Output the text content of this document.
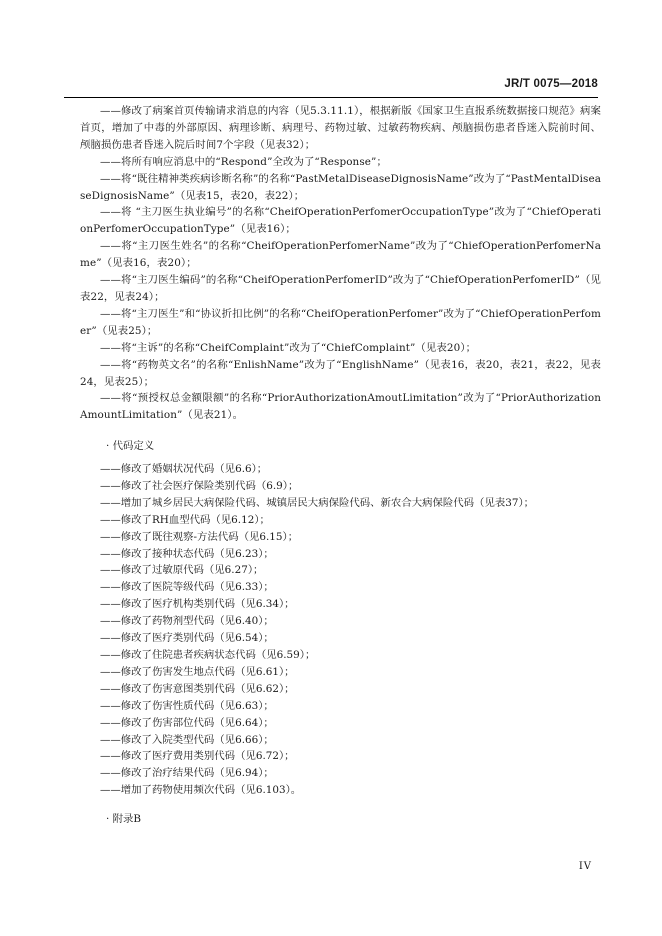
JR/T 0075—2018

——修改了病案首页传输请求消息的内容（见5.3.11.1），根据新版《国家卫生直报系统数据接口规范》病案首页，增加了中毒的外部原因、病理诊断、病理号、药物过敏、过敏药物疾病、颅脑损伤患者昏迷入院前时间、颅脑损伤患者昏迷入院后时间7个字段（见表32）；

——将所有响应消息中的“Respond”全改为了“Response”；

——将“既往精神类疾病诊断名称”的名称“PastMetalDiseaseDignosisName”改为了“PastMentalDiseaseDignosisName”（见表15，表20，表22）；

——将 “主刀医生执业编号”的名称“CheifOperationPerfomerOccupationType”改为了“ChiefOperationPerfomerOccupationType”（见表16）；

——将“主刀医生姓名”的名称“CheifOperationPerfomerName”改为了“ChiefOperationPerfomerName”（见表16，表20）；

——将“主刀医生编码”的名称“CheifOperationPerfomerID”改为了“ChiefOperationPerfomerID”（见表22，见表24）；

——将“主刀医生”和“协议折扣比例”的名称“CheifOperationPerfomer”改为了“ChiefOperationPerfomer”（见表25）；

——将“主诉”的名称“CheifComplaint”改为了“ChiefComplaint”（见表20）；

——将“药物英文名”的名称“EnlishName”改为了“EnglishName”（见表16，表20，表21，表22，见表24，见表25）；

——将“预授权总金额限额”的名称“PriorAuthorizationAmoutLimitation”改为了“PriorAuthorizationAmountLimitation”（见表21）。

· 代码定义

——修改了婚姻状况代码（见6.6）；

——修改了社会医疗保险类别代码（6.9）；

——增加了城乡居民大病保险代码、城镇居民大病保险代码、新农合大病保险代码（见表37）；

——修改了RH血型代码（见6.12）；

——修改了既往观察-方法代码（见6.15）；

——修改了接种状态代码（见6.23）；

——修改了过敏原代码（见6.27）；

——修改了医院等级代码（见6.33）；

——修改了医疗机构类别代码（见6.34）；

——修改了药物剂型代码（见6.40）；

——修改了医疗类别代码（见6.54）；

——修改了住院患者疾病状态代码（见6.59）；

——修改了伤害发生地点代码（见6.61）；

——修改了伤害意图类别代码（见6.62）；

——修改了伤害性质代码（见6.63）；

——修改了伤害部位代码（见6.64）；

——修改了入院类型代码（见6.66）；

——修改了医疗费用类别代码（见6.72）；

——修改了治疗结果代码（见6.94）；

——增加了药物使用频次代码（见6.103）。

· 附录B
IV
